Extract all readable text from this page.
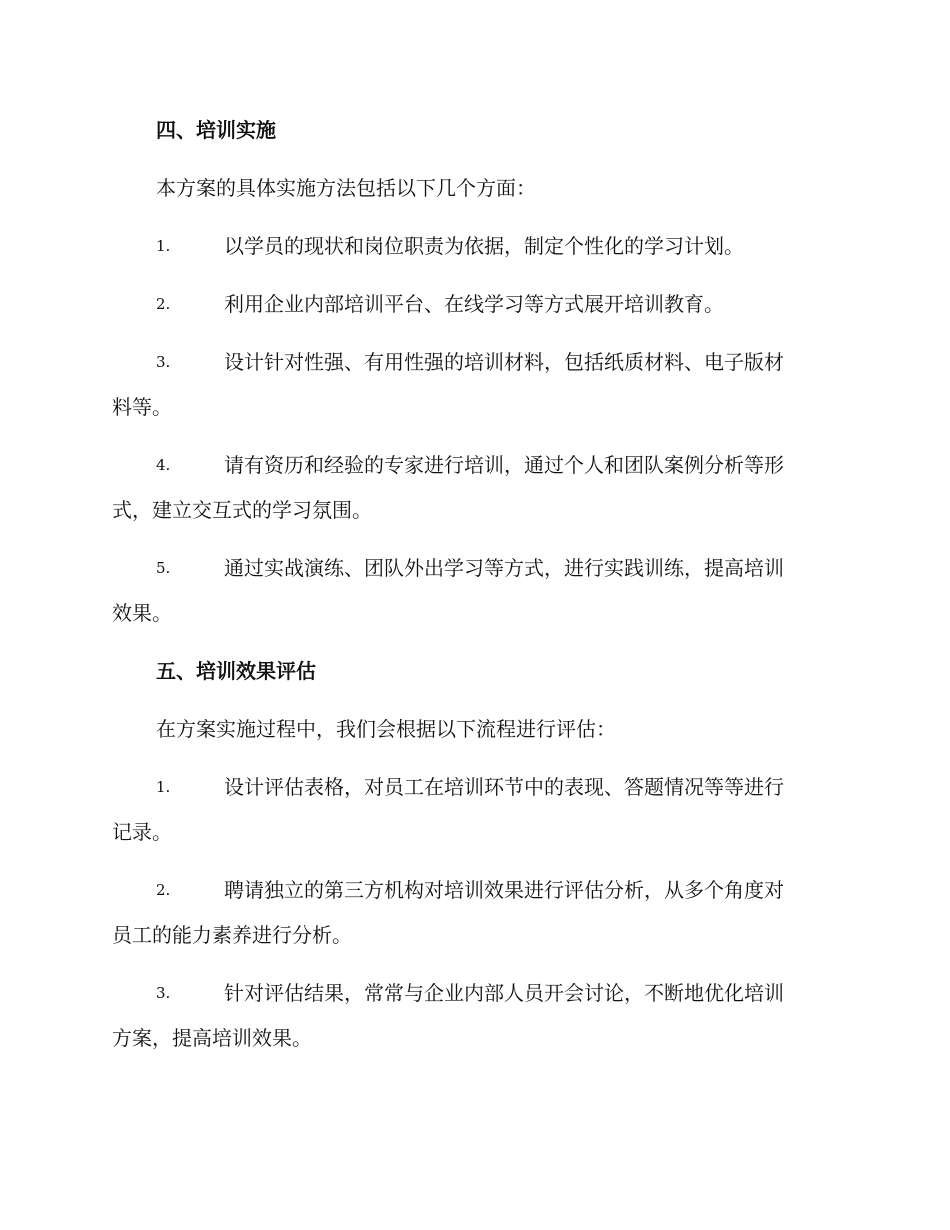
四、培训实施
本方案的具体实施方法包括以下几个方面：
1.	以学员的现状和岗位职责为依据，制定个性化的学习计划。
2.	利用企业内部培训平台、在线学习等方式展开培训教育。
3.	设计针对性强、有用性强的培训材料，包括纸质材料、电子版材
料等。
4.	请有资历和经验的专家进行培训，通过个人和团队案例分析等形
式，建立交互式的学习氛围。
5.	通过实战演练、团队外出学习等方式，进行实践训练，提高培训
效果。
五、培训效果评估
在方案实施过程中，我们会根据以下流程进行评估：
1.	设计评估表格，对员工在培训环节中的表现、答题情况等等进行
记录。
2.	聘请独立的第三方机构对培训效果进行评估分析，从多个角度对
员工的能力素养进行分析。
3.	针对评估结果，常常与企业内部人员开会讨论，不断地优化培训
方案，提高培训效果。
